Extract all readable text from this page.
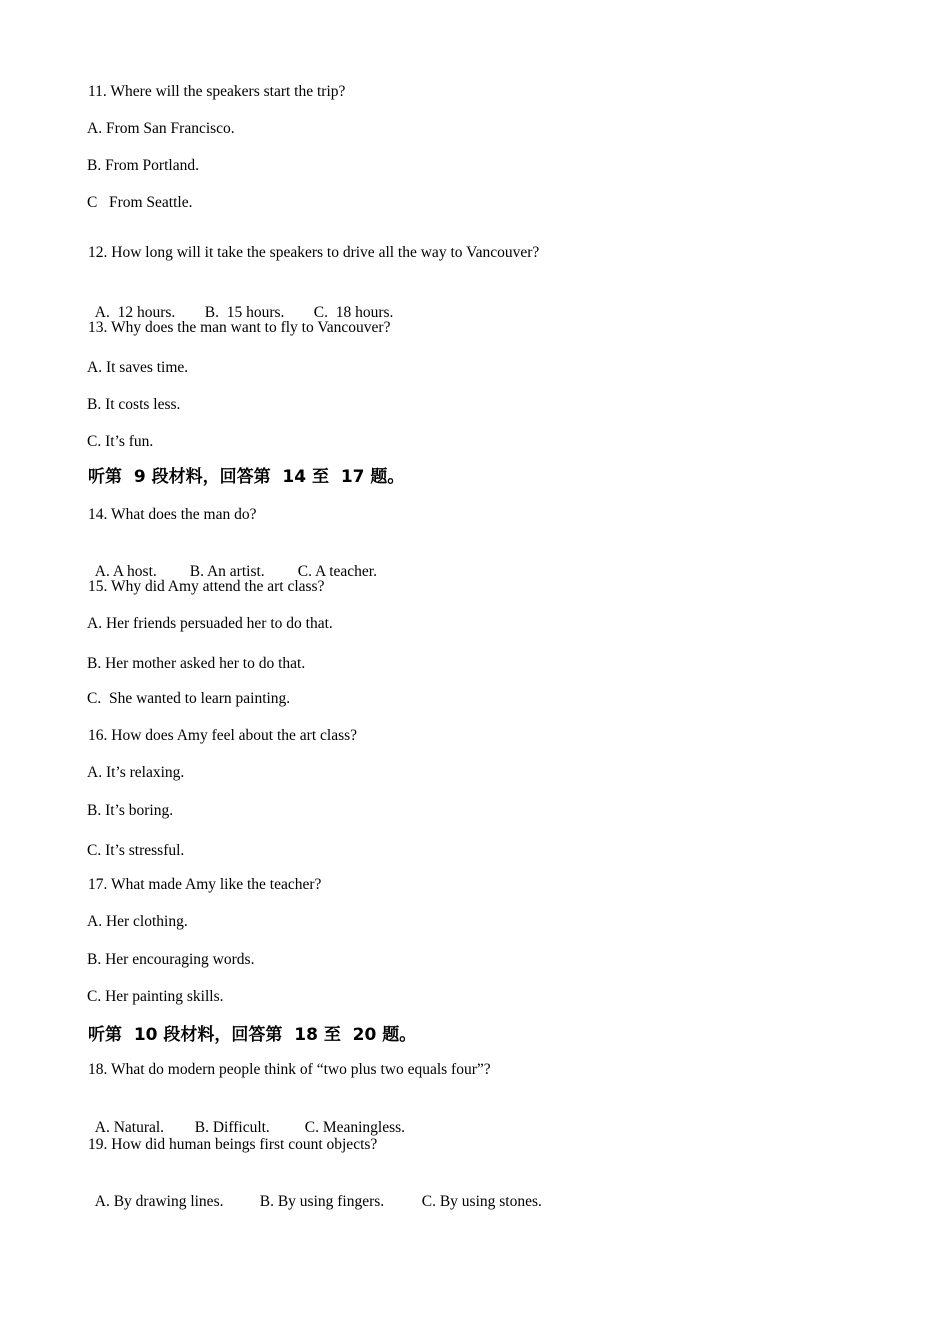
11. Where will the speakers start the trip?
A. From San Francisco.
B. From Portland.
C   From Seattle.
12. How long will it take the speakers to drive all the way to Vancouver?

A.  12 hours. B.  15 hours. C.  18 hours.

13. Why does the man want to fly to Vancouver?
A. It saves time.
B. It costs less.
C. It’s fun.
听第  9 段材料，回答第  14 至  17 题。
14. What does the man do?

A. A host. B. An artist. C. A teacher.

15. Why did Amy attend the art class?
A. Her friends persuaded her to do that.
B. Her mother asked her to do that.
C.  She wanted to learn painting.
16. How does Amy feel about the art class?
A. It’s relaxing.
B. It’s boring.
C. It’s stressful.
17. What made Amy like the teacher?
A. Her clothing.
B. Her encouraging words.
C. Her painting skills.
听第  10 段材料，回答第  18 至  20 题。
18. What do modern people think of “two plus two equals four”?

A. Natural. B. Difficult. C. Meaningless.

19. How did human beings first count objects?

A. By drawing lines. B. By using fingers. C. By using stones.
